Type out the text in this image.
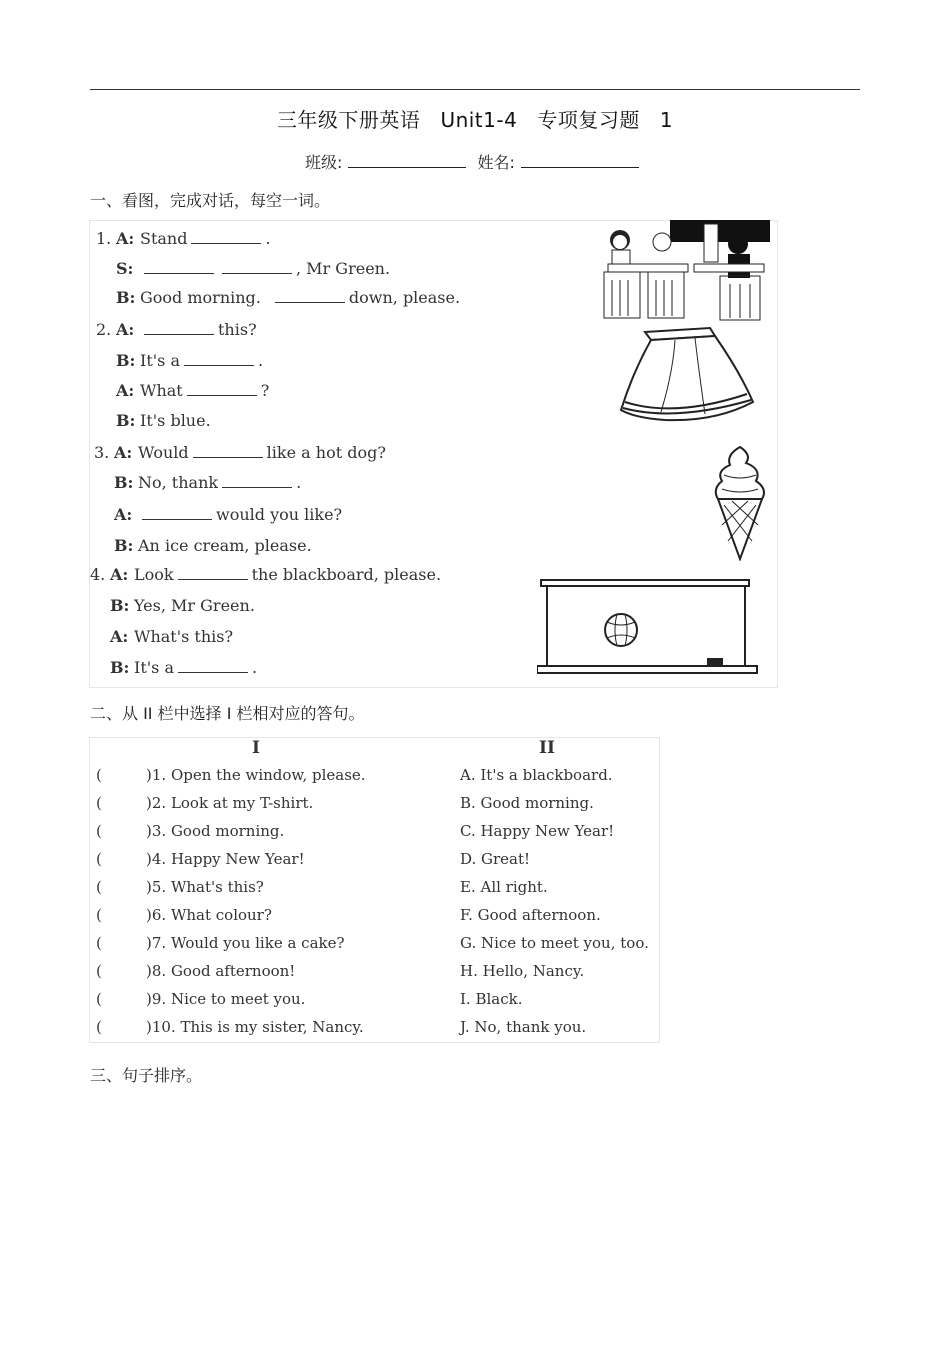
三年级下册英语 Unit1-4 专项复习题 1
班级:	姓名:
一、看图，完成对话，每空一词。
1. A: Stand	.
S:	, Mr Green.
B: Good morning.	down, please.
2. A:	this?
B: It's a	.
A: What	?
B: It's blue.
3. A: Would	like a hot dog?
B: No, thank	.
A:	would you like?
B: An ice cream, please.
4. A: Look	the blackboard, please.
B: Yes, Mr Green.
A: What's this?
B: It's a	.
二、从 II 栏中选择 I 栏相对应的答句。
I	II
(	)1. Open the window, please.	A. It's a blackboard.
(	)2. Look at my T-shirt.	B. Good morning.
(	)3. Good morning.	C. Happy New Year!
(	)4. Happy New Year!	D. Great!
(	)5. What's this?	E. All right.
(	)6. What colour?	F. Good afternoon.
(	)7. Would you like a cake?	G. Nice to meet you, too.
(	)8. Good afternoon!	H. Hello, Nancy.
(	)9. Nice to meet you.	I. Black.
(	)10. This is my sister, Nancy.	J. No, thank you.
三、句子排序。
